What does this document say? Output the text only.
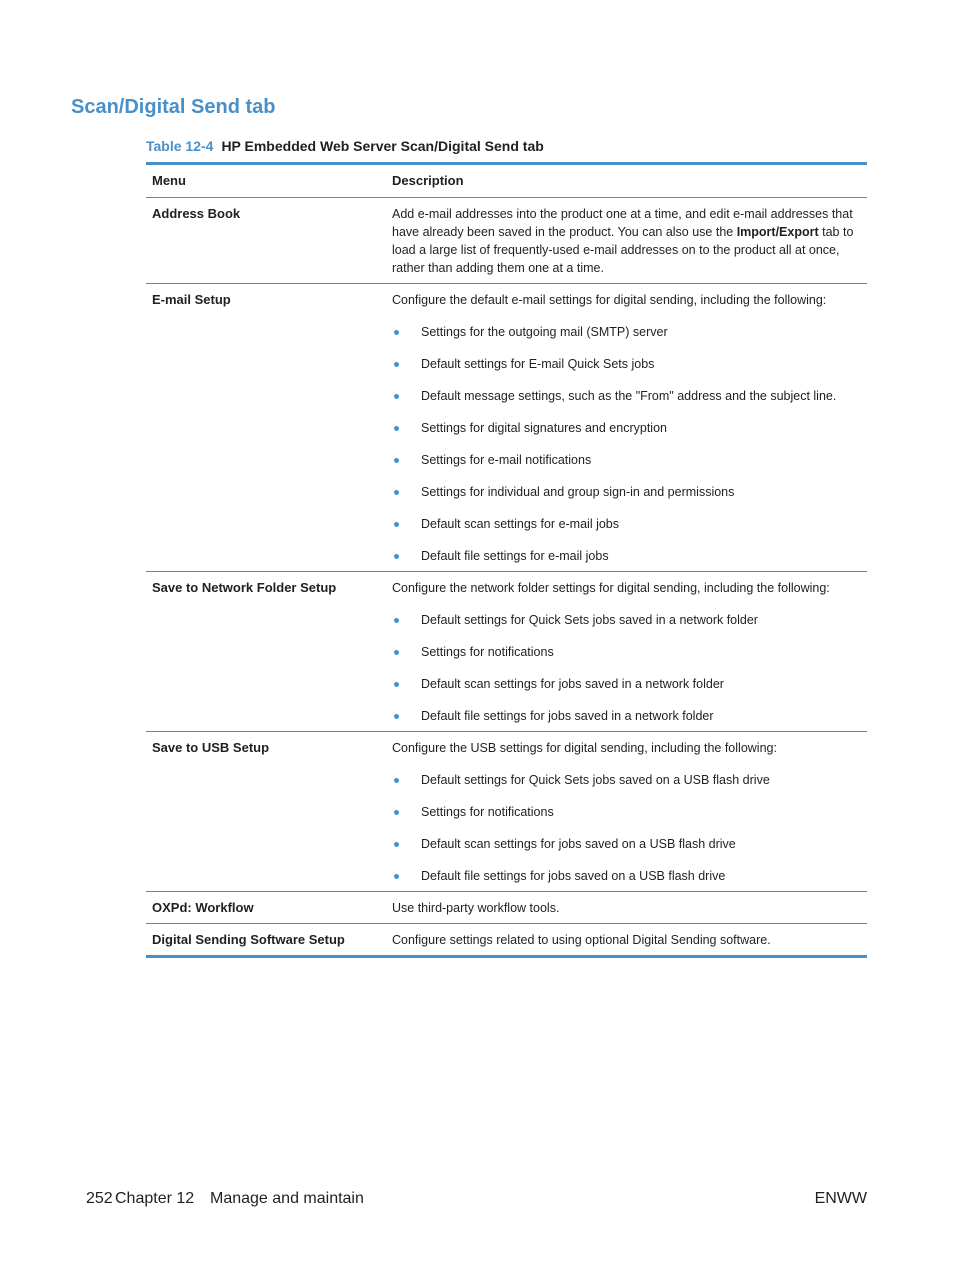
Scan/Digital Send tab
Table 12-4 HP Embedded Web Server Scan/Digital Send tab
Menu	Description
Address Book	Add e-mail addresses into the product one at a time, and edit e-mail addresses that have already been saved in the product. You can also use the Import/Export tab to load a large list of frequently-used e-mail addresses on to the product all at once, rather than adding them one at a time.
E-mail Setup	Configure the default e-mail settings for digital sending, including the following:
Settings for the outgoing mail (SMTP) server
Default settings for E-mail Quick Sets jobs
Default message settings, such as the "From" address and the subject line.
Settings for digital signatures and encryption
Settings for e-mail notifications
Settings for individual and group sign-in and permissions
Default scan settings for e-mail jobs
Default file settings for e-mail jobs
Save to Network Folder Setup	Configure the network folder settings for digital sending, including the following:
Default settings for Quick Sets jobs saved in a network folder
Settings for notifications
Default scan settings for jobs saved in a network folder
Default file settings for jobs saved in a network folder
Save to USB Setup	Configure the USB settings for digital sending, including the following:
Default settings for Quick Sets jobs saved on a USB flash drive
Settings for notifications
Default scan settings for jobs saved on a USB flash drive
Default file settings for jobs saved on a USB flash drive
OXPd: Workflow	Use third-party workflow tools.
Digital Sending Software Setup	Configure settings related to using optional Digital Sending software.
252 Chapter 12 Manage and maintain	ENWW
